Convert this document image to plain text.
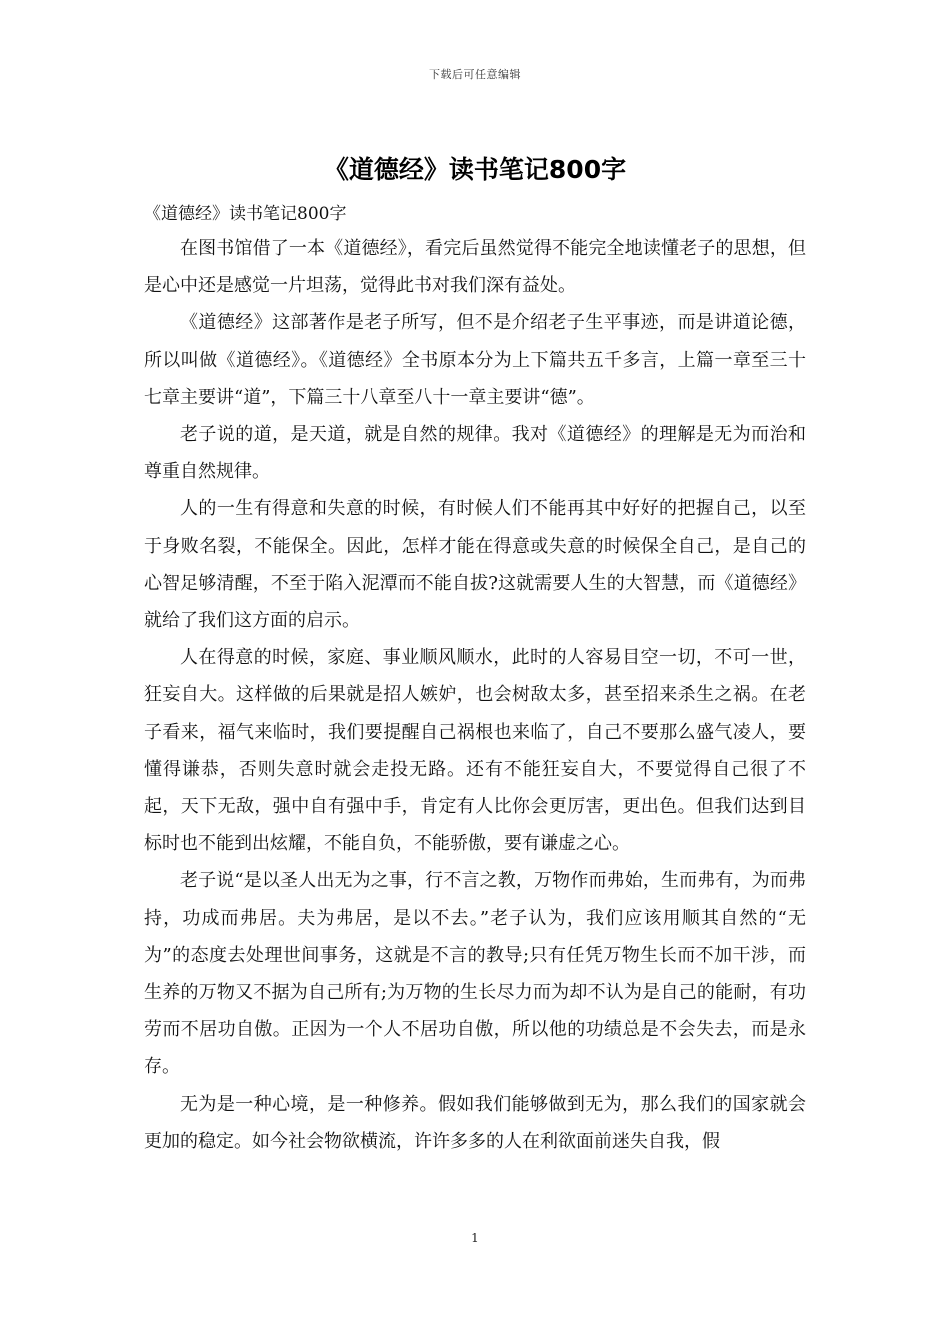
下载后可任意编辑
《道德经》读书笔记800字

《道德经》读书笔记800字

在图书馆借了一本《道德经》，看完后虽然觉得不能完全地读懂老子的思想，但是心中还是感觉一片坦荡，觉得此书对我们深有益处。

《道德经》这部著作是老子所写，但不是介绍老子生平事迹，而是讲道论德，所以叫做《道德经》。《道德经》全书原本分为上下篇共五千多言，上篇一章至三十七章主要讲“道”，下篇三十八章至八十一章主要讲“德”。

老子说的道，是天道，就是自然的规律。我对《道德经》的理解是无为而治和尊重自然规律。

人的一生有得意和失意的时候，有时候人们不能再其中好好的把握自己，以至于身败名裂，不能保全。因此，怎样才能在得意或失意的时候保全自己，是自己的心智足够清醒，不至于陷入泥潭而不能自拔?这就需要人生的大智慧，而《道德经》就给了我们这方面的启示。

人在得意的时候，家庭、事业顺风顺水，此时的人容易目空一切，不可一世，狂妄自大。这样做的后果就是招人嫉妒，也会树敌太多，甚至招来杀生之祸。在老子看来，福气来临时，我们要提醒自己祸根也来临了，自己不要那么盛气凌人，要懂得谦恭，否则失意时就会走投无路。还有不能狂妄自大，不要觉得自己很了不起，天下无敌，强中自有强中手，肯定有人比你会更厉害，更出色。但我们达到目标时也不能到出炫耀，不能自负，不能骄傲，要有谦虚之心。

老子说“是以圣人出无为之事，行不言之教，万物作而弗始，生而弗有，为而弗持，功成而弗居。夫为弗居，是以不去。”老子认为，我们应该用顺其自然的“无为”的态度去处理世间事务，这就是不言的教导;只有任凭万物生长而不加干涉，而生养的万物又不据为自己所有;为万物的生长尽力而为却不认为是自己的能耐，有功劳而不居功自傲。正因为一个人不居功自傲，所以他的功绩总是不会失去，而是永存。

无为是一种心境，是一种修养。假如我们能够做到无为，那么我们的国家就会更加的稳定。如今社会物欲横流，许许多多的人在利欲面前迷失自我，假

1
